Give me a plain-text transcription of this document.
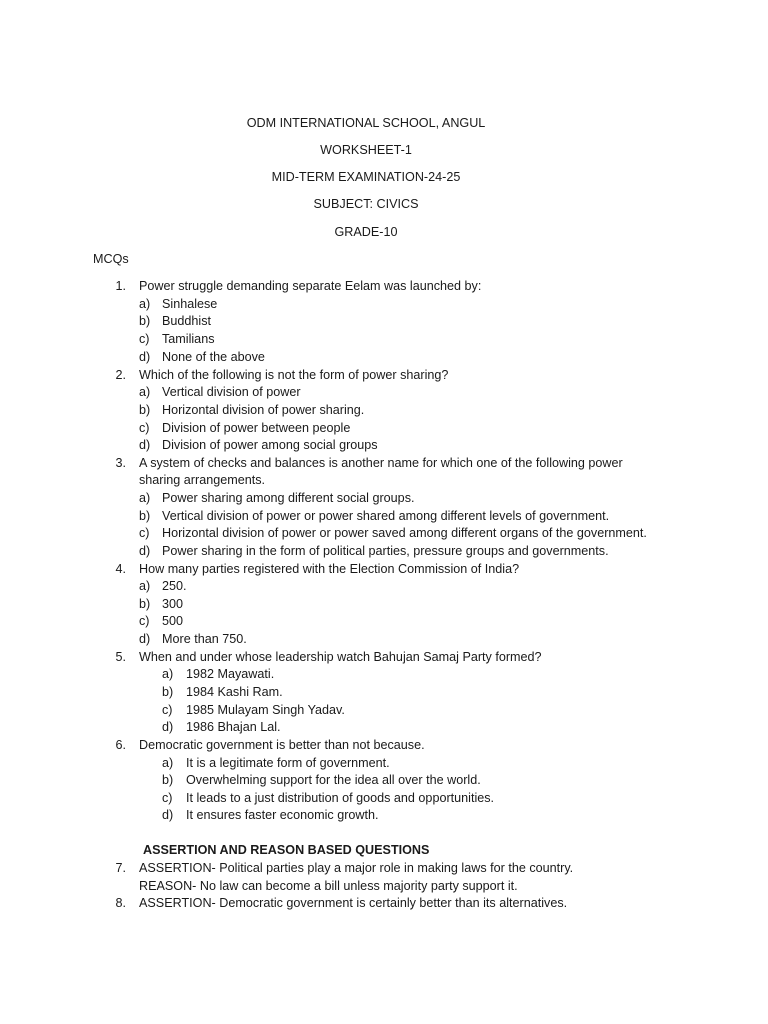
ODM INTERNATIONAL SCHOOL, ANGUL
WORKSHEET-1
MID-TERM EXAMINATION-24-25
SUBJECT: CIVICS
GRADE-10
MCQs
1. Power struggle demanding separate Eelam was launched by:
a) Sinhalese
b) Buddhist
c) Tamilians
d) None of the above
2. Which of the following is not the form of power sharing?
a) Vertical division of power
b) Horizontal division of power sharing.
c) Division of power between people
d) Division of power among social groups
3. A system of checks and balances is another name for which one of the following power
sharing arrangements.
a) Power sharing among different social groups.
b) Vertical division of power or power shared among different levels of government.
c) Horizontal division of power or power saved among different organs of the government.
d) Power sharing in the form of political parties, pressure groups and governments.
4. How many parties registered with the Election Commission of India?
a) 250.
b) 300
c) 500
d) More than 750.
5. When and under whose leadership watch Bahujan Samaj Party formed?
a)	1982 Mayawati.
b)	1984 Kashi Ram.
c)	1985 Mulayam Singh Yadav.
d)	1986 Bhajan Lal.
6. Democratic government is better than not because.
a)	It is a legitimate form of government.
b)	Overwhelming support for the idea all over the world.
c)	It leads to a just distribution of goods and opportunities.
d)	It ensures faster economic growth.
ASSERTION AND REASON BASED QUESTIONS
7. ASSERTION- Political parties play a major role in making laws for the country.
REASON- No law can become a bill unless majority party support it.
8. ASSERTION- Democratic government is certainly better than its alternatives.
